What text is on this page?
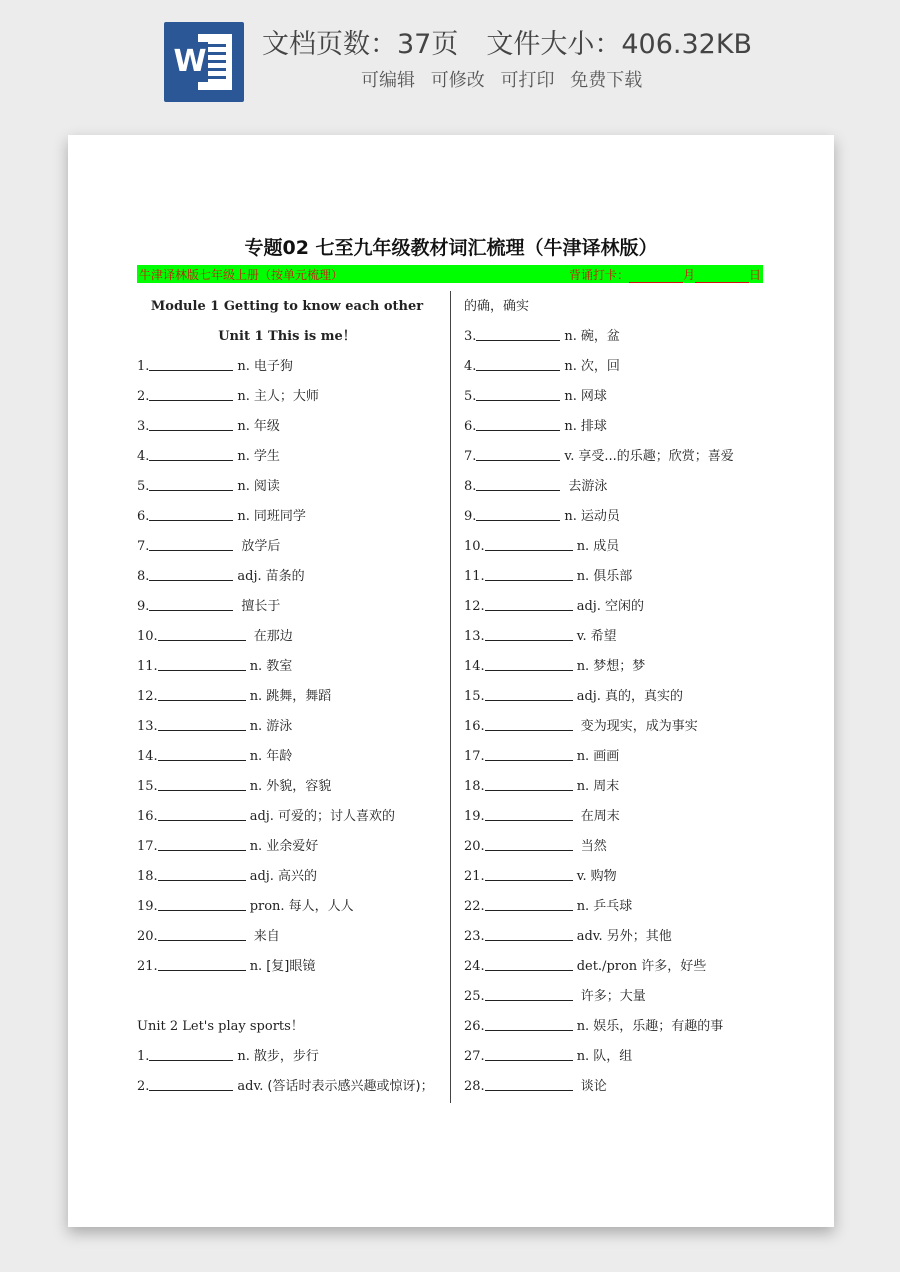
W 文档页数：37页 文件大小：406.32KB
可编辑 可修改 可打印 免费下载
专题02 七至九年级教材词汇梳理（牛津译林版）
牛津译林版七年级上册（按单元梳理）	背诵打卡：	月	日
Module 1 Getting to know each other
Unit 1 This is me！
1.	n. 电子狗
2.	n. 主人；大师
3.	n. 年级
4.	n. 学生
5.	n. 阅读
6.	n. 同班同学
7.	放学后
8.	adj. 苗条的
9.	擅长于
10.	在那边
11.	n. 教室
12.	n. 跳舞，舞蹈
13.	n. 游泳
14.	n. 年龄
15.	n. 外貌，容貌
16.	adj. 可爱的；讨人喜欢的
17.	n. 业余爱好
18.	adj. 高兴的
19.	pron. 每人，人人
20.	来自
21.	n. [复]眼镜
Unit 2 Let's play sports！
1.	n. 散步，步行
2.	adv. (答话时表示感兴趣或惊讶)；
的确，确实
3.	n. 碗，盆
4.	n. 次，回
5.	n. 网球
6.	n. 排球
7.	v. 享受...的乐趣；欣赏；喜爱
8.	去游泳
9.	n. 运动员
10.	n. 成员
11.	n. 俱乐部
12.	adj. 空闲的
13.	v. 希望
14.	n. 梦想；梦
15.	adj. 真的，真实的
16.	变为现实，成为事实
17.	n. 画画
18.	n. 周末
19.	在周末
20.	当然
21.	v. 购物
22.	n. 乒乓球
23.	adv. 另外；其他
24.	det./pron 许多，好些
25.	许多；大量
26.	n. 娱乐，乐趣；有趣的事
27.	n. 队，组
28.	谈论
